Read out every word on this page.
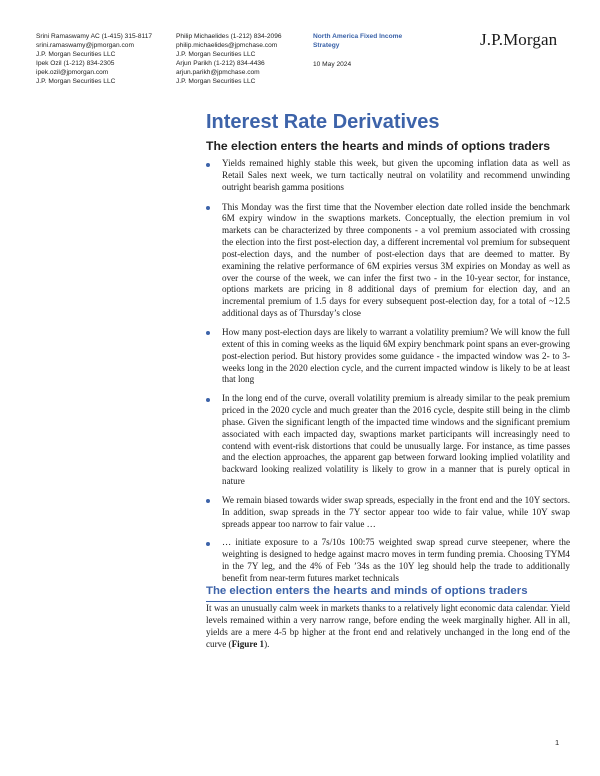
Srini Ramaswamy AC (1-415) 315-8117
srini.ramaswamy@jpmorgan.com
J.P. Morgan Securities LLC
Ipek Ozil (1-212) 834-2305
ipek.ozil@jpmorgan.com
J.P. Morgan Securities LLC
Philip Michaelides (1-212) 834-2096
philip.michaelides@jpmchase.com
J.P. Morgan Securities LLC
Arjun Parikh (1-212) 834-4436
arjun.parikh@jpmchase.com
J.P. Morgan Securities LLC
North America Fixed Income
Strategy
10 May 2024
J.P.Morgan
Interest Rate Derivatives
The election enters the hearts and minds of options traders
Yields remained highly stable this week, but given the upcoming inflation data as well as Retail Sales next week, we turn tactically neutral on volatility and recommend unwinding outright bearish gamma positions
This Monday was the first time that the November election date rolled inside the benchmark 6M expiry window in the swaptions markets. Conceptually, the election premium in vol markets can be characterized by three components - a vol premium associated with crossing the election into the first post-election day, a different incremental vol premium for subsequent post-election days, and the number of post-election days that are deemed to matter. By examining the relative performance of 6M expiries versus 3M expiries on Monday as well as over the course of the week, we can infer the first two - in the 10-year sector, for instance, options markets are pricing in 8 additional days of premium for election day, and an incremental premium of 1.5 days for every subsequent post-election day, for a total of ~12.5 additional days as of Thursday’s close
How many post-election days are likely to warrant a volatility premium? We will know the full extent of this in coming weeks as the liquid 6M expiry benchmark point spans an ever-growing post-election period. But history provides some guidance - the impacted window was 2- to 3-weeks long in the 2020 election cycle, and the current impacted window is likely to be at least that long
In the long end of the curve, overall volatility premium is already similar to the peak premium priced in the 2020 cycle and much greater than the 2016 cycle, despite still being in the climb phase. Given the significant length of the impacted time windows and the significant premium associated with each impacted day, swaptions market participants will increasingly need to contend with event-risk distortions that could be unusually large. For instance, as time passes and the election approaches, the apparent gap between forward looking implied volatility and backward looking realized volatility is likely to grow in a manner that is purely optical in nature
We remain biased towards wider swap spreads, especially in the front end and the 10Y sectors. In addition, swap spreads in the 7Y sector appear too wide to fair value, while 10Y swap spreads appear too narrow to fair value …
… initiate exposure to a 7s/10s 100:75 weighted swap spread curve steepener, where the weighting is designed to hedge against macro moves in term funding premia. Choosing TYM4 in the 7Y leg, and the 4% of Feb ’34s as the 10Y leg should help the trade to additionally benefit from near-term futures market technicals
The election enters the hearts and minds of options traders

It was an unusually calm week in markets thanks to a relatively light economic data calendar. Yield levels remained within a very narrow range, before ending the week marginally higher. All in all, yields are a mere 4-5 bp higher at the front end and relatively unchanged in the long end of the curve (Figure 1).

1
